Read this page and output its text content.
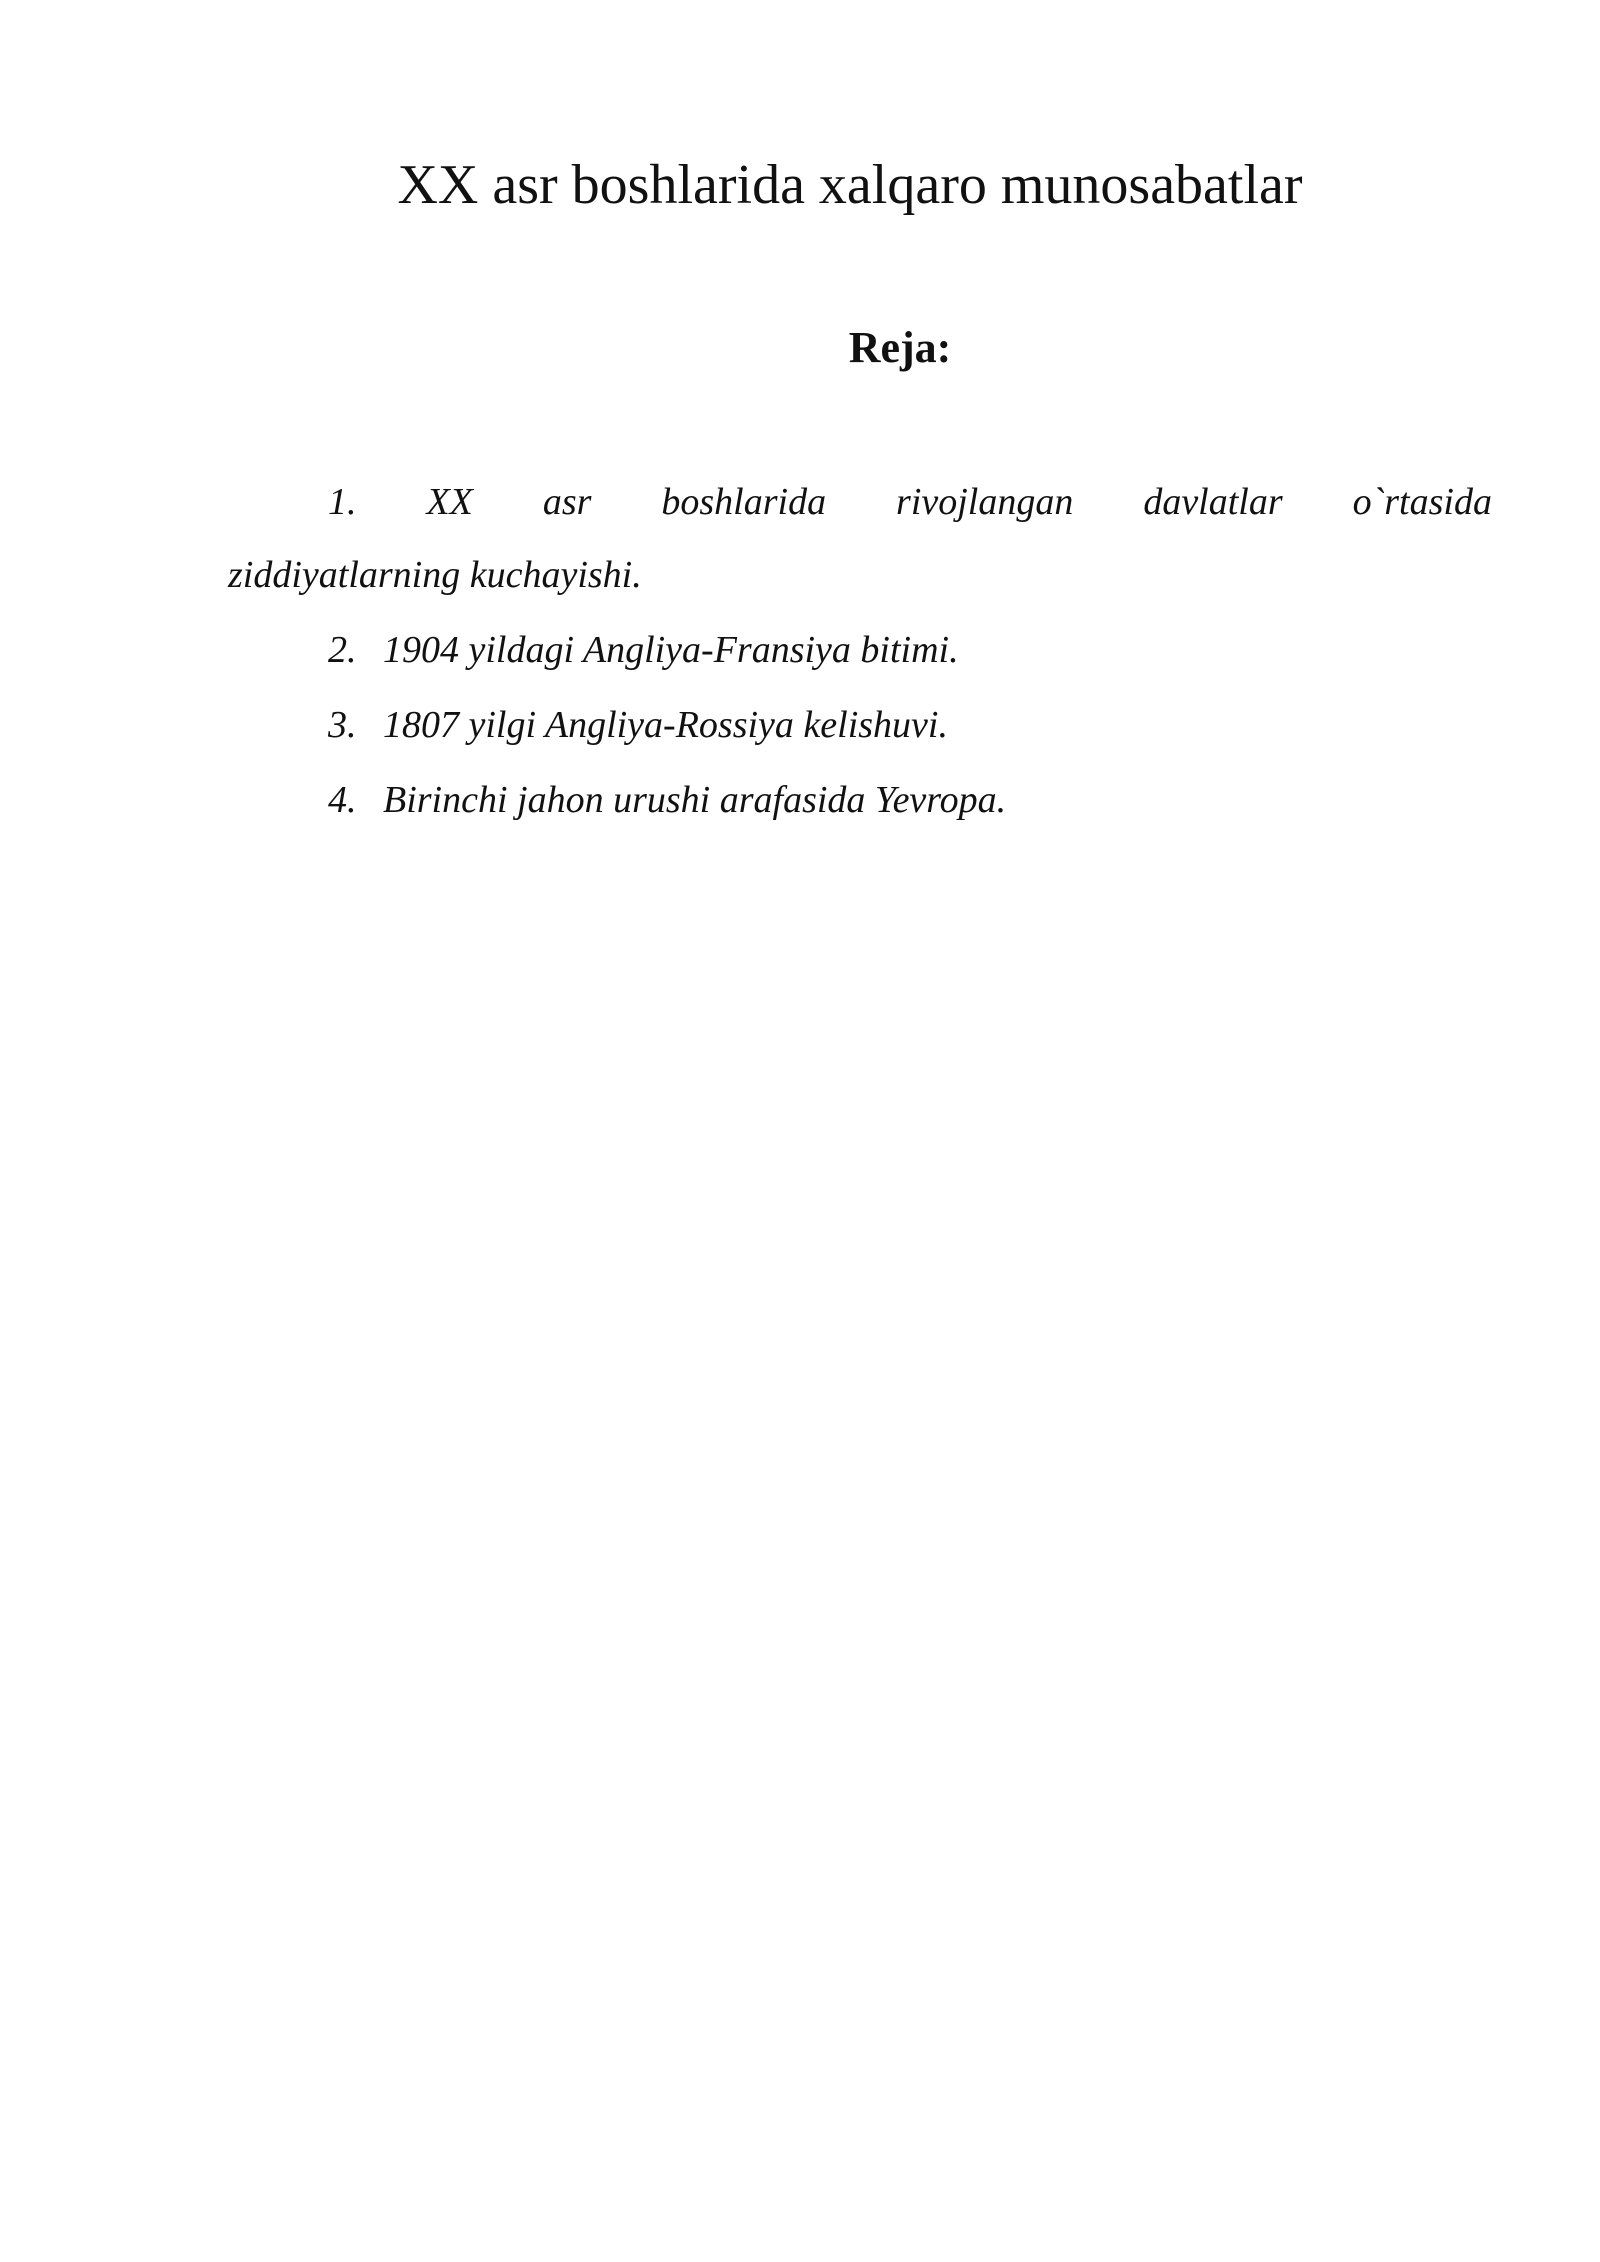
XX asr boshlarida xalqaro munosabatlar
Reja:
1. XX asr boshlarida rivojlangan davlatlar o`rtasida
ziddiyatlarning kuchayishi.
2. 1904 yildagi Angliya-Fransiya bitimi.
3. 1807 yilgi Angliya-Rossiya kelishuvi.
4. Birinchi jahon urushi arafasida Yevropa.
